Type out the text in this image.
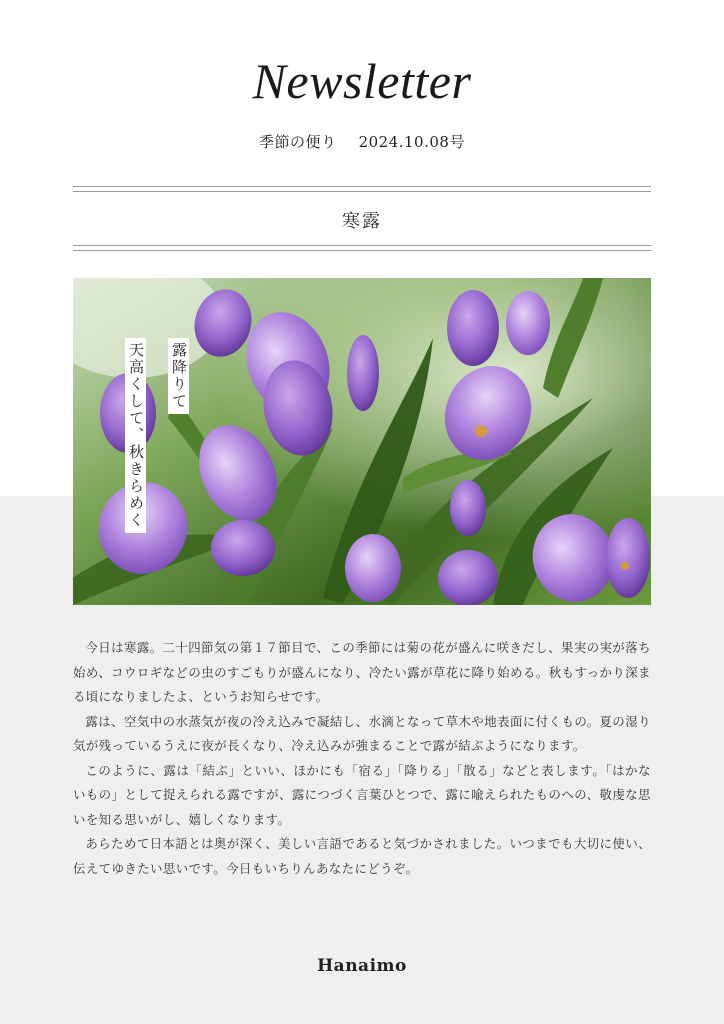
Newsletter
季節の便り 2024.10.08号
寒露
露降りて
天高くして、秋きらめく

今日は寒露。二十四節気の第１７節目で、この季節には菊の花が盛んに咲きだし、果実の実が落ち始め、コウロギなどの虫のすごもりが盛んになり、冷たい露が草花に降り始める。秋もすっかり深まる頃になりましたよ、というお知らせです。

露は、空気中の水蒸気が夜の冷え込みで凝結し、水滴となって草木や地表面に付くもの。夏の湿り気が残っているうえに夜が長くなり、冷え込みが強まることで露が結ぶようになります。

このように、露は「結ぶ」といい、ほかにも「宿る」「降りる」「散る」などと表します。「はかないもの」として捉えられる露ですが、露につづく言葉ひとつで、露に喩えられたものへの、敬虔な思いを知る思いがし、嬉しくなります。

あらためて日本語とは奥が深く、美しい言語であると気づかされました。いつまでも大切に使い、伝えてゆきたい思いです。今日もいちりんあなたにどうぞ。

Hanaimo
